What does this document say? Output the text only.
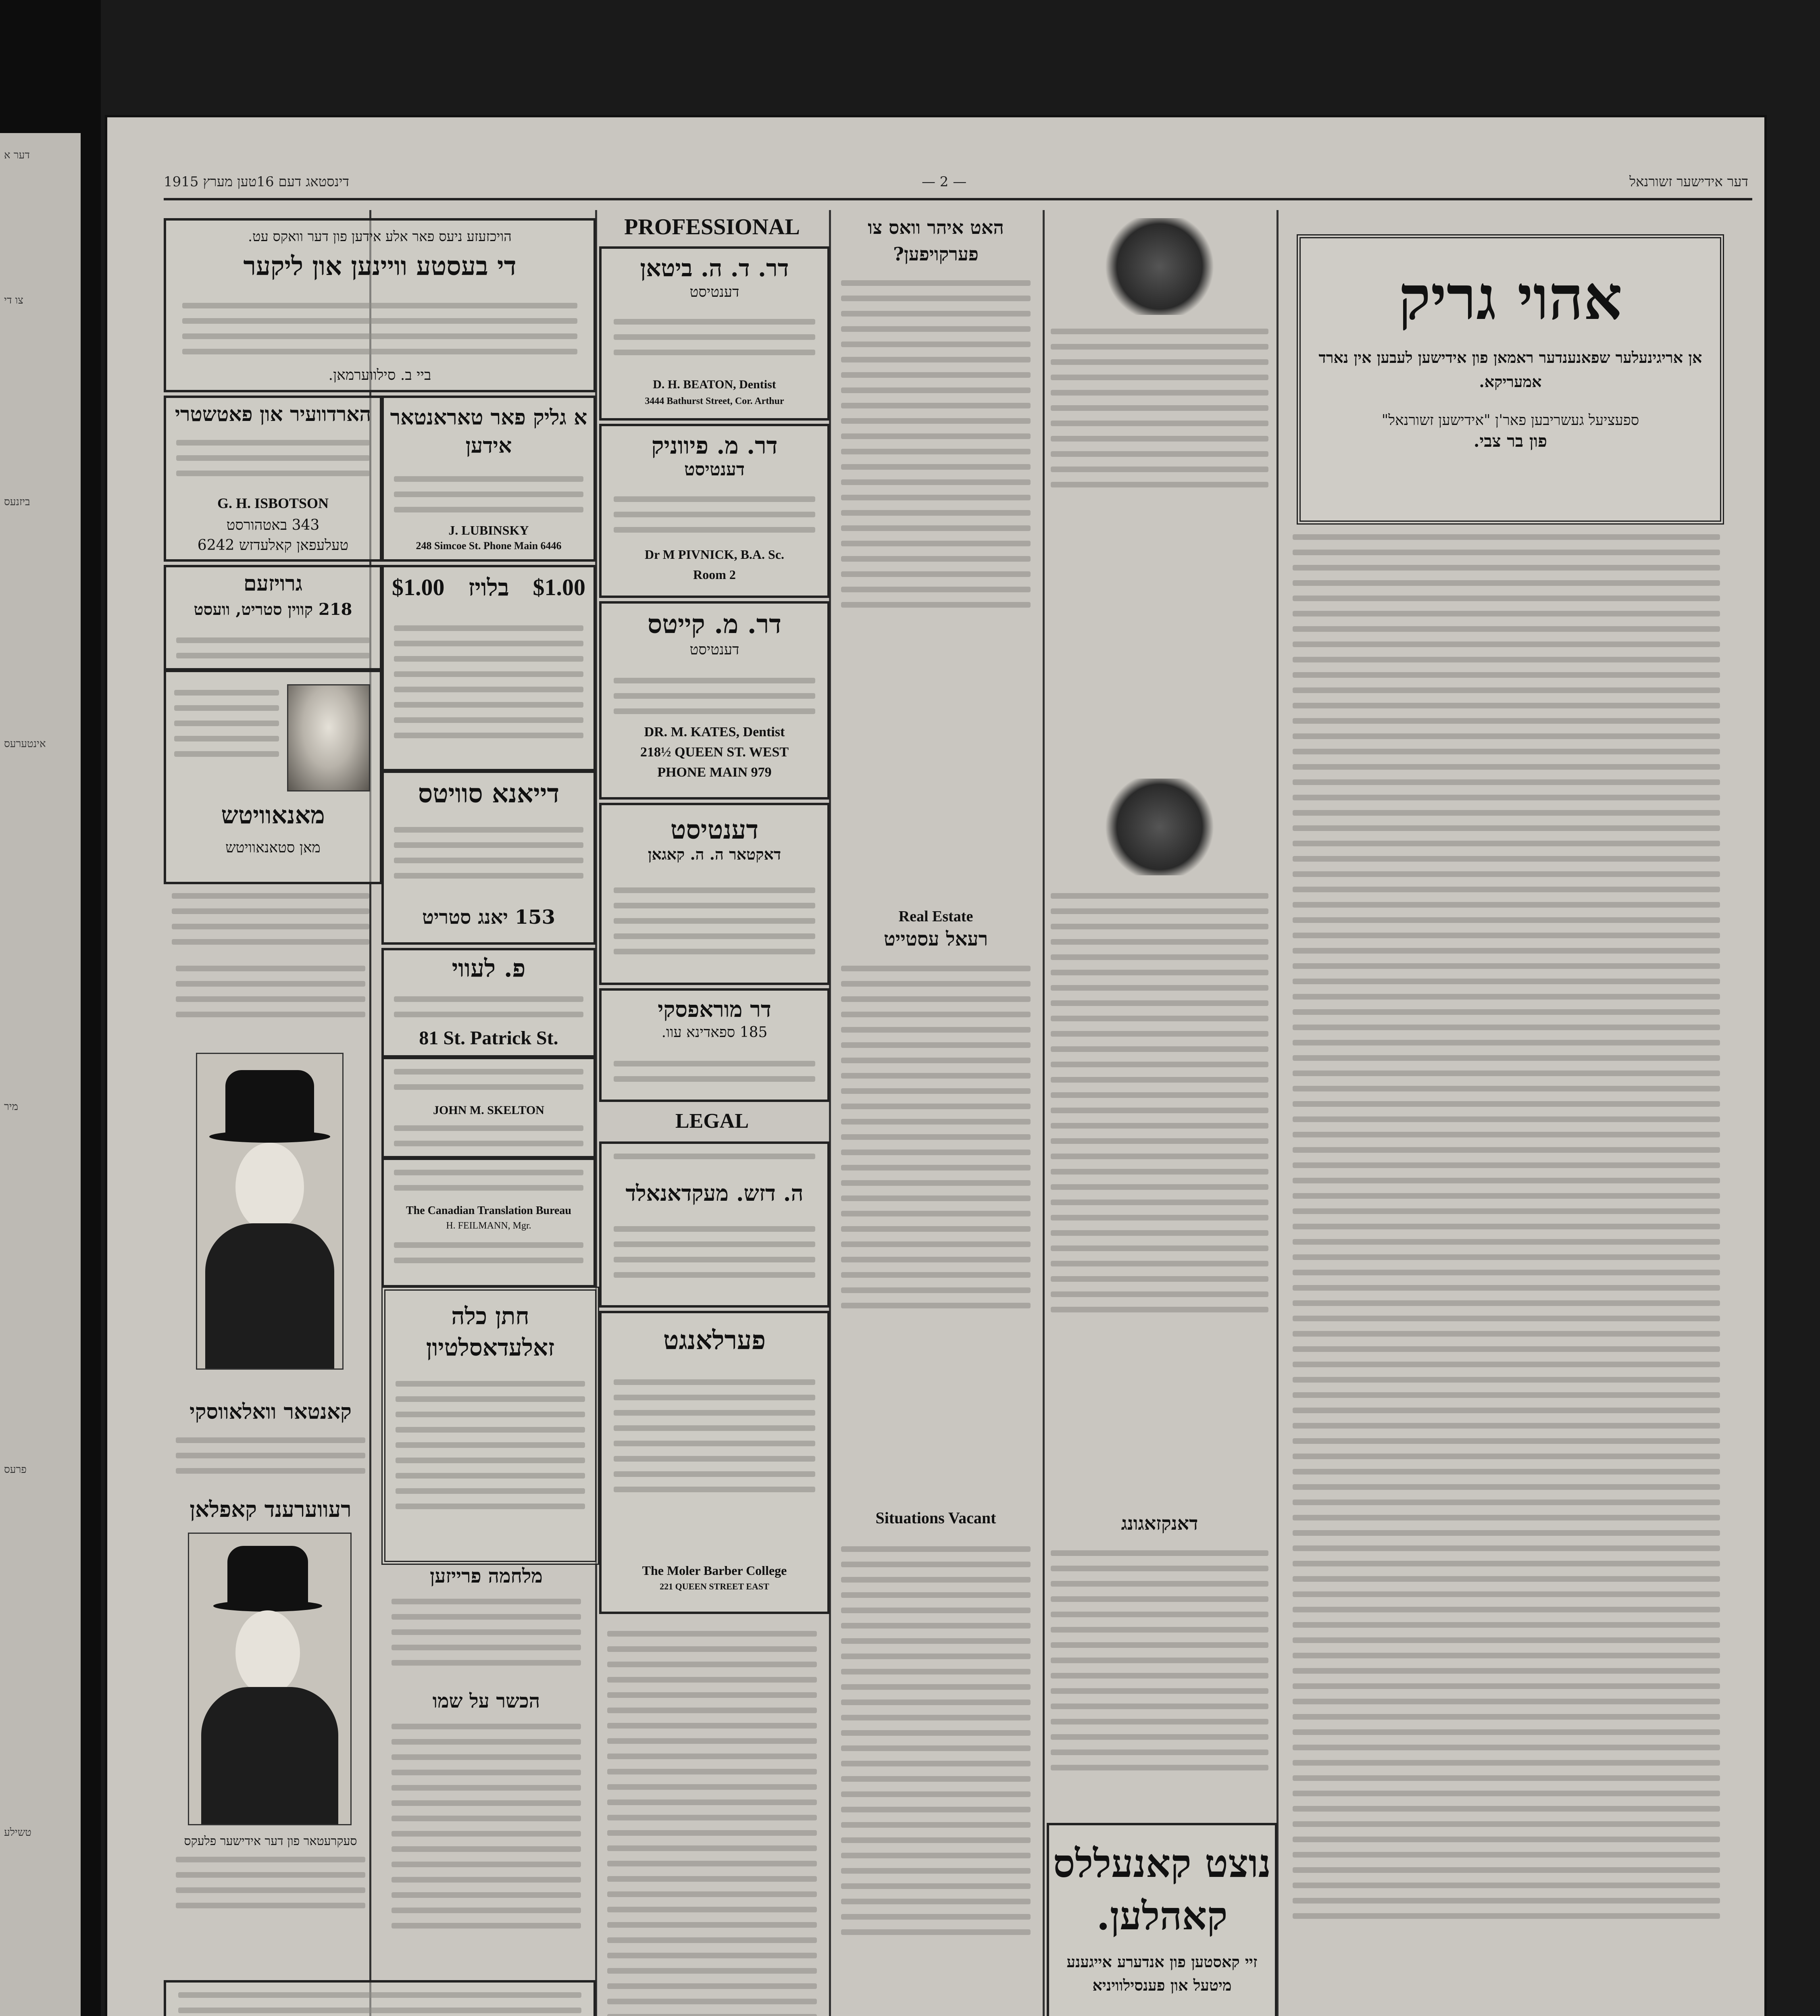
דער א
צו די
ביזנעס
אינטערעס
מיר
פרעס
טשילע
1915 דינסטאג דעם 16טען מערץ	— 2 —	דער אידישער זשורנאל
הויכזעזע ניעס פאר אלע אידען פון דער וואקס עט.
די בעסטע וויינען און ליקער
ביי ב. סילווערמאן.
הארדוועיר און פאטשטרי
G. H. ISBOTSON
343 באטהורסט
טעלעפאן קאלעדזש 6242
א גליק פאר טאראנטאר אידען
J. LUBINSKY
248 Simcoe St. Phone Main 6446
גרויזעם
218 קווין סטריט, וועסט
$1.00 בלויז $1.00
מאנאוויטש
מאן סטאנאוויטש
דייאנא סוויטס
153 יאנג סטריט
קאנטאר וואלאווסקי
פ. לעווי
81 St. Patrick St.
JOHN M. SKELTON
The Canadian Translation Bureau
H. FEILMANN, Mgr.
חתן כלה זאלעדאסלטיון
מלחמה פרייזען
הכשר על שמו
רעווערענד קאפלאן
סעקרעטאר פון דער אידישער פלעקס
PROFESSIONAL
דר. ד. ה. ביטאן
דענטיסט
D. H. BEATON, Dentist
3444 Bathurst Street, Cor. Arthur
דר. מ. פיווניק
דענטיסט
Dr M PIVNICK, B.A. Sc.
Room 2
דר. מ. קייטס
דענטיסט
DR. M. KATES, Dentist
218½ QUEEN ST. WEST
PHONE MAIN 979
דענטיסט
דאקטאר ה. ה. קאגאן
דר מוראפסקי
185 ספאדינא עוו.
LEGAL
ה. דזש. מעקדאנאלד
פערלאנגט
The Moler Barber College
221 QUEEN STREET EAST
האט איהר וואס צו פערקויפען?
Real Estate
רעאל עסטייט
Situations Vacant	דאנקזאגונג
נוצט קאנעללס קאהלען.
זיי קאסטען פון אנדערע אייגענע מיטעל און פענסילוויניא
אהוי גריק
אן אריגינעלער שפאנענדער ראמאן פון אידישען לעבען אין נארד אמעריקא.
ספעציעל געשריבען פאר'ן "אידישען זשורנאל"
פון בר צבי.
